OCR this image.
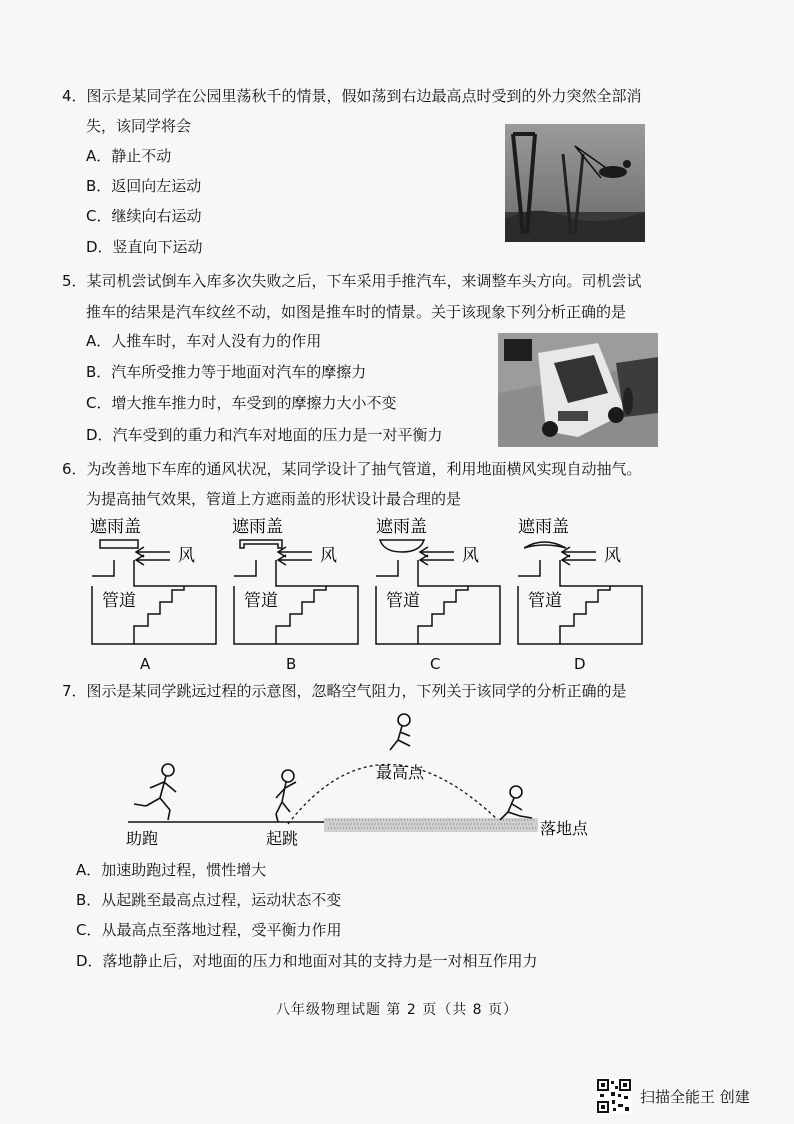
4．图示是某同学在公园里荡秋千的情景，假如荡到右边最高点时受到的外力突然全部消
失，该同学将会
A．静止不动
B．返回向左运动
C．继续向右运动
D．竖直向下运动
5．某司机尝试倒车入库多次失败之后，下车采用手推汽车，来调整车头方向。司机尝试
推车的结果是汽车纹丝不动，如图是推车时的情景。关于该现象下列分析正确的是
A．人推车时，车对人没有力的作用
B．汽车所受推力等于地面对汽车的摩擦力
C．增大推车推力时，车受到的摩擦力大小不变
D．汽车受到的重力和汽车对地面的压力是一对平衡力
6．为改善地下车库的通风状况，某同学设计了抽气管道，利用地面横风实现自动抽气。
为提高抽气效果，管道上方遮雨盖的形状设计最合理的是
遮雨盖
风
管道
A
遮雨盖
风
管道
B
遮雨盖
风
管道
C
遮雨盖
风
管道
D
7．图示是某同学跳远过程的示意图，忽略空气阻力，下列关于该同学的分析正确的是
最高点
助跑	起跳
落地点
A．加速助跑过程，惯性增大
B．从起跳至最高点过程，运动状态不变
C．从最高点至落地过程，受平衡力作用
D．落地静止后，对地面的压力和地面对其的支持力是一对相互作用力
八年级物理试题 第 2 页（共 8 页）
扫描全能王 创建
